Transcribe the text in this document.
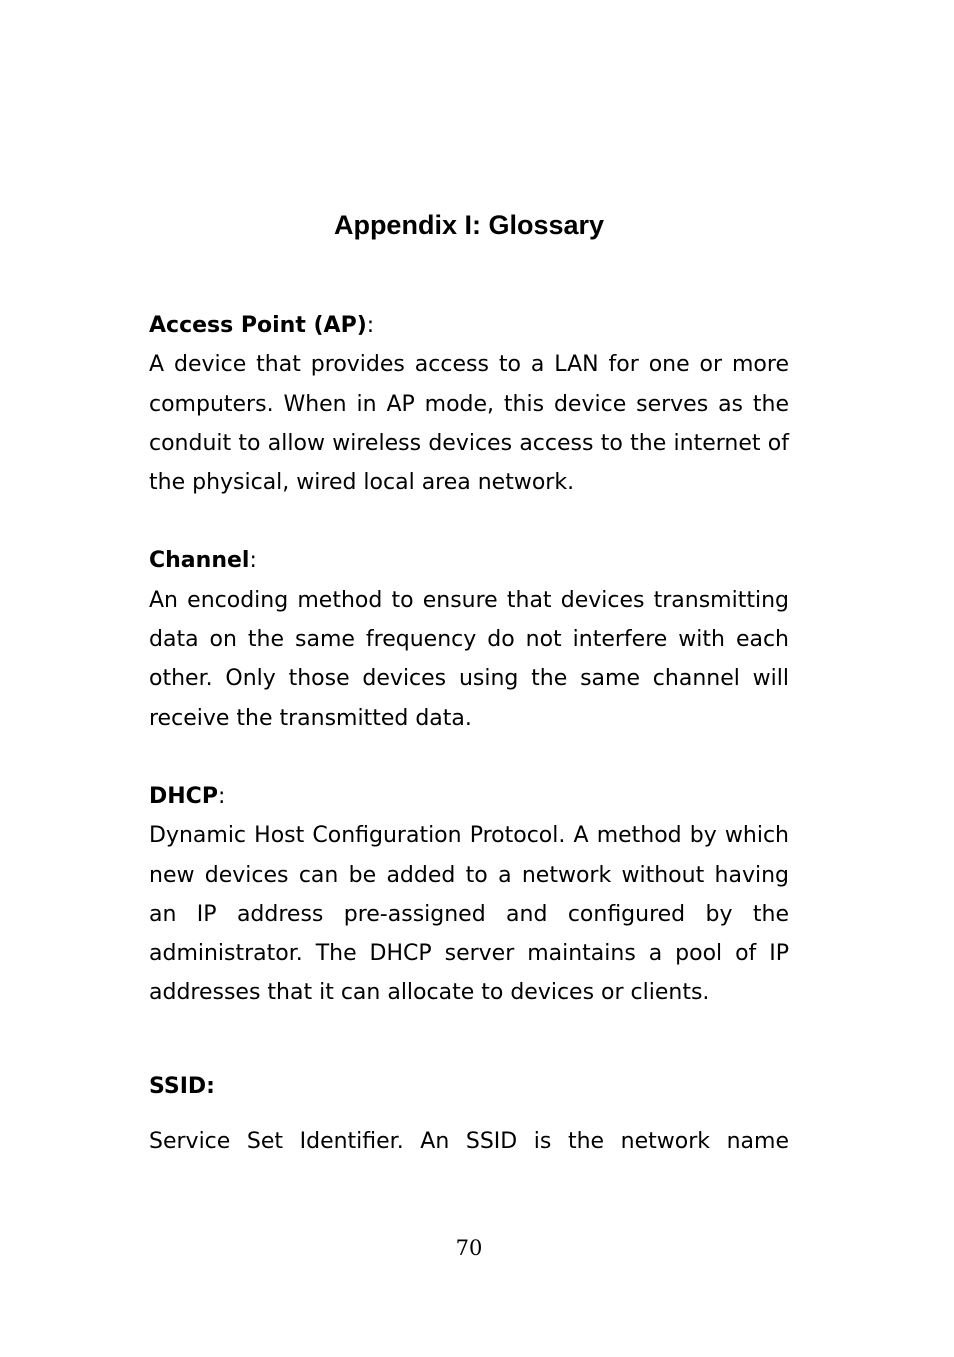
Appendix I: Glossary
Access Point (AP):

A device that provides access to a LAN for one or more computers. When in AP mode, this device serves as the conduit to allow wireless devices access to the internet of the physical, wired local area network.

Channel:

An encoding method to ensure that devices transmitting data on the same frequency do not interfere with each other. Only those devices using the same channel will receive the transmitted data.

DHCP:

Dynamic Host Configuration Protocol. A method by which new devices can be added to a network without having an IP address pre-assigned and configured by the administrator. The DHCP server maintains a pool of IP addresses that it can allocate to devices or clients.

SSID:

Service Set Identifier. An SSID is the network name

70
